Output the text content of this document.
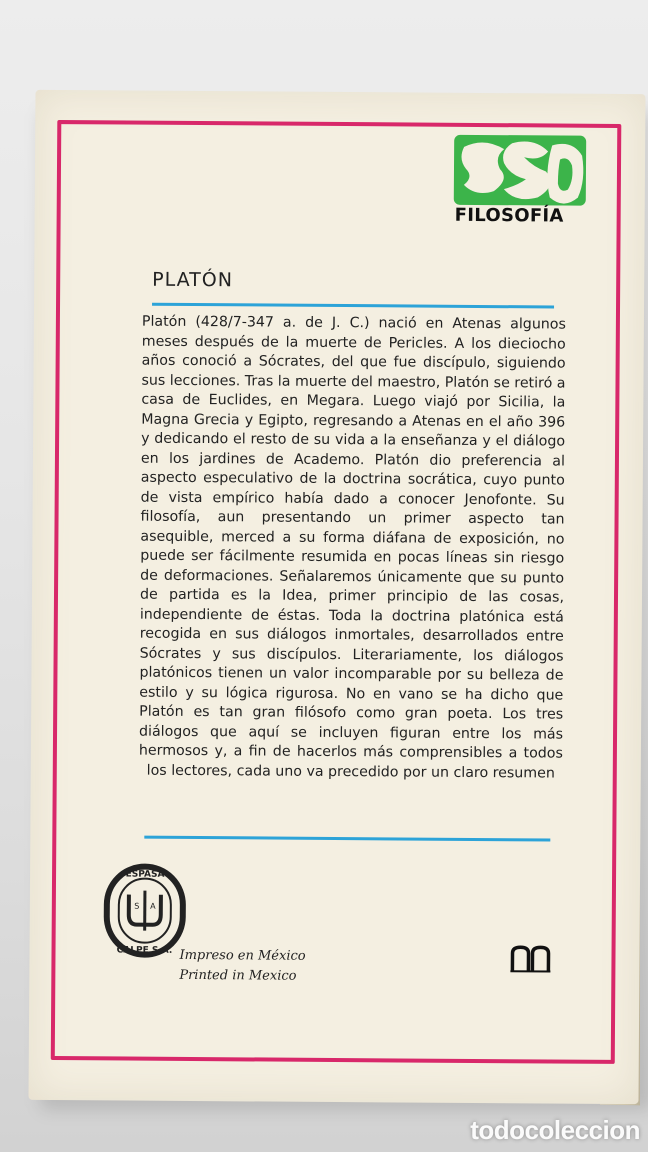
FILOSOFÍA
PLATÓN

Platón (428/7-347 a. de J. C.) nació en Atenas algunos meses después de la muerte de Pericles. A los dieciocho años conoció a Sócrates, del que fue discípulo, siguiendo sus lecciones. Tras la muerte del maestro, Platón se retiró a casa de Euclides, en Megara. Luego viajó por Sicilia, la Magna Grecia y Egipto, regresando a Atenas en el año 396 y dedicando el resto de su vida a la enseñanza y el diálogo en los jardines de Academo. Platón dio preferencia al aspecto especulativo de la doctrina socrática, cuyo punto de vista empírico había dado a conocer Jenofonte. Su filosofía, aun presentando un primer aspecto tan asequible, merced a su forma diáfana de exposición, no puede ser fácilmente resumida en pocas líneas sin riesgo de deformaciones. Señalaremos únicamente que su punto de partida es la Idea, primer principio de las cosas, independiente de éstas. Toda la doctrina platónica está recogida en sus diálogos inmortales, desarrollados entre Sócrates y sus discípulos. Literariamente, los diálogos platónicos tienen un valor incomparable por su belleza de estilo y su lógica rigurosa. No en vano se ha dicho que Platón es tan gran filósofo como gran poeta. Los tres diálogos que aquí se incluyen figuran entre los más hermosos y, a fin de hacerlos más comprensibles a todos los lectores, cada uno va precedido por un claro resumen

ESPASA
CALPE S.A.
S A
Impreso en México
Printed in Mexico
todocoleccion
